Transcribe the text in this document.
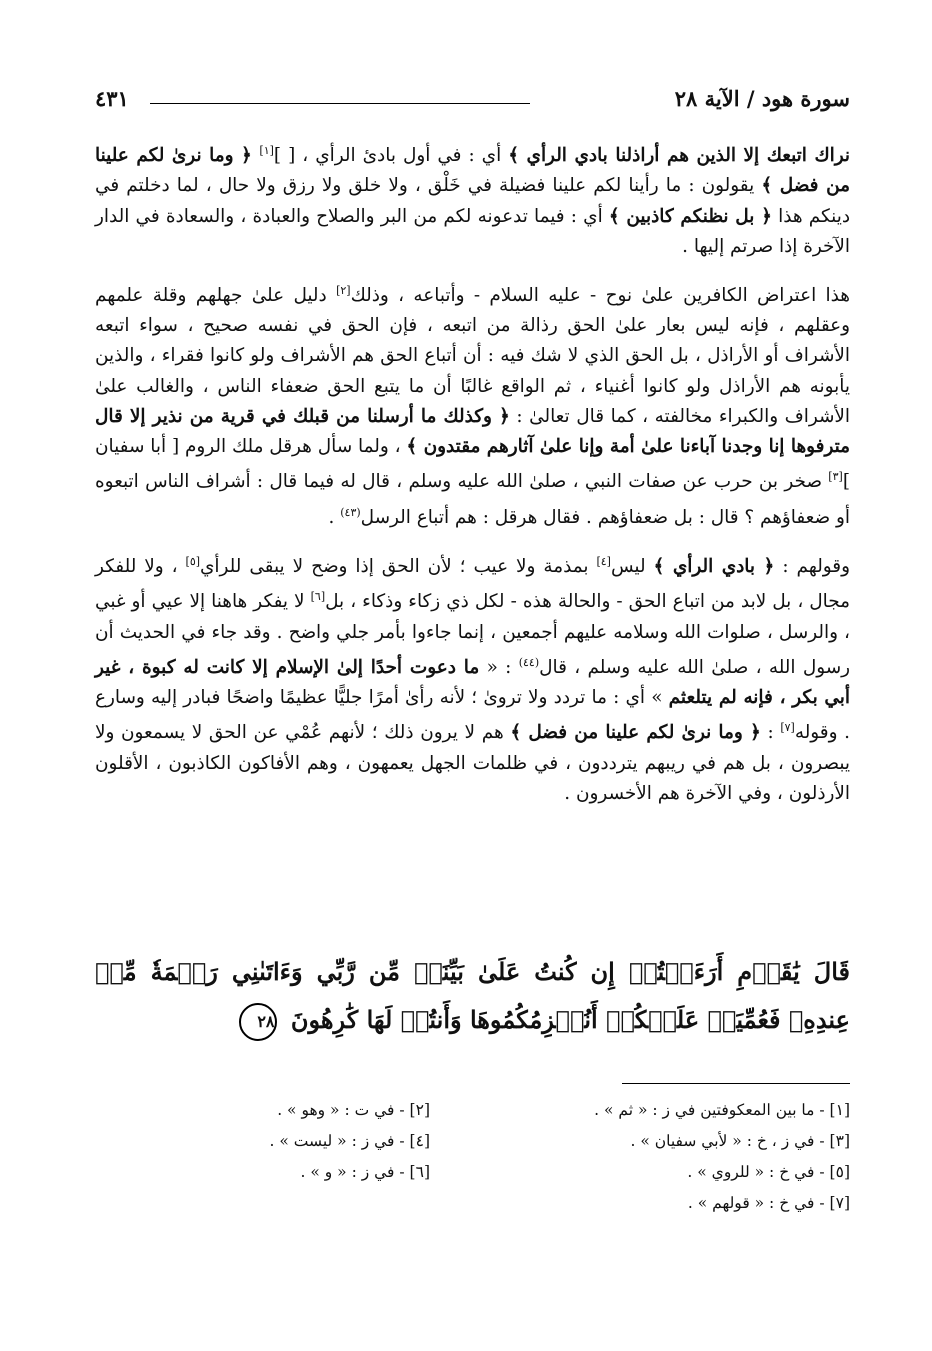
سورة هود / الآية ٢٨
٤٣١

نراك اتبعك إلا الذين هم أراذلنا بادي الرأي ﴾ أي : في أول بادئ الرأي ، [ ][١] ﴿ وما نرىٰ لكم علينا من فضل ﴾ يقولون : ما رأينا لكم علينا فضيلة في خَلْق ، ولا خلق ولا رزق ولا حال ، لما دخلتم في دينكم هذا ﴿ بل نظنكم كاذبين ﴾ أي : فيما تدعونه لكم من البر والصلاح والعبادة ، والسعادة في الدار الآخرة إذا صرتم إليها .

هذا اعتراض الكافرين علىٰ نوح - عليه السلام - وأتباعه ، وذلك[٢] دليل علىٰ جهلهم وقلة علمهم وعقلهم ، فإنه ليس بعار علىٰ الحق رذالة من اتبعه ، فإن الحق في نفسه صحيح ، سواء اتبعه الأشراف أو الأراذل ، بل الحق الذي لا شك فيه : أن أتباع الحق هم الأشراف ولو كانوا فقراء ، والذين يأبونه هم الأراذل ولو كانوا أغنياء ، ثم الواقع غالبًا أن ما يتبع الحق ضعفاء الناس ، والغالب علىٰ الأشراف والكبراء مخالفته ، كما قال تعالىٰ : ﴿ وكذلك ما أرسلنا من قبلك في قرية من نذير إلا قال مترفوها إنا وجدنا آباءنا علىٰ أمة وإنا علىٰ آثارهم مقتدون ﴾ ، ولما سأل هرقل ملك الروم [ أبا سفيان ][٣] صخر بن حرب عن صفات النبي ، صلىٰ الله عليه وسلم ، قال له فيما قال : أشراف الناس اتبعوه أو ضعفاؤهم ؟ قال : بل ضعفاؤهم . فقال هرقل : هم أتباع الرسل$^{(٤٣)}$ .

وقولهم : ﴿ بادي الرأي ﴾ ليس[٤] بمذمة ولا عيب ؛ لأن الحق إذا وضح لا يبقى للرأي[٥] ، ولا للفكر مجال ، بل لابد من اتباع الحق - والحالة هذه - لكل ذي زكاء وذكاء ، بل[٦] لا يفكر هاهنا إلا عيي أو غبي ، والرسل ، صلوات الله وسلامه عليهم أجمعين ، إنما جاءوا بأمر جلي واضح . وقد جاء في الحديث أن رسول الله ، صلىٰ الله عليه وسلم ، قال$^{(٤٤)}$ : « ما دعوت أحدًا إلىٰ الإسلام إلا كانت له كبوة ، غير أبي بكر ، فإنه لم يتلعثم » أي : ما تردد ولا تروىٰ ؛ لأنه رأىٰ أمرًا جليًّا عظيمًا واضحًا فبادر إليه وسارع . وقوله[٧] : ﴿ وما نرىٰ لكم علينا من فضل ﴾ هم لا يرون ذلك ؛ لأنهم عُمْي عن الحق لا يسمعون ولا يبصرون ، بل هم في ريبهم يترددون ، في ظلمات الجهل يعمهون ، وهم الأفاكون الكاذبون ، الأقلون الأرذلون ، وفي الآخرة هم الأخسرون .

قَالَ يَٰقَوۡمِ أَرَءَيۡتُمۡ إِن كُنتُ عَلَىٰ بَيِّنَةٖ مِّن رَّبِّي وَءَاتَىٰنِي رَحۡمَةٗ مِّنۡ عِندِهِۦ فَعُمِّيَتۡ عَلَيۡكُمۡ أَنُلۡزِمُكُمُوهَا وَأَنتُمۡ لَهَا كَٰرِهُونَ ٢٨
[١] - ما بين المعكوفتين في ز : « ثم » .
[٢] - في ت : « وهو » .
[٣] - في ز ، خ : « لأبي سفيان » .
[٤] - في ز : « ليست » .
[٥] - في خ : « للروي » .
[٦] - في ز : « و » .
[٧] - في خ : « قولهم » .
